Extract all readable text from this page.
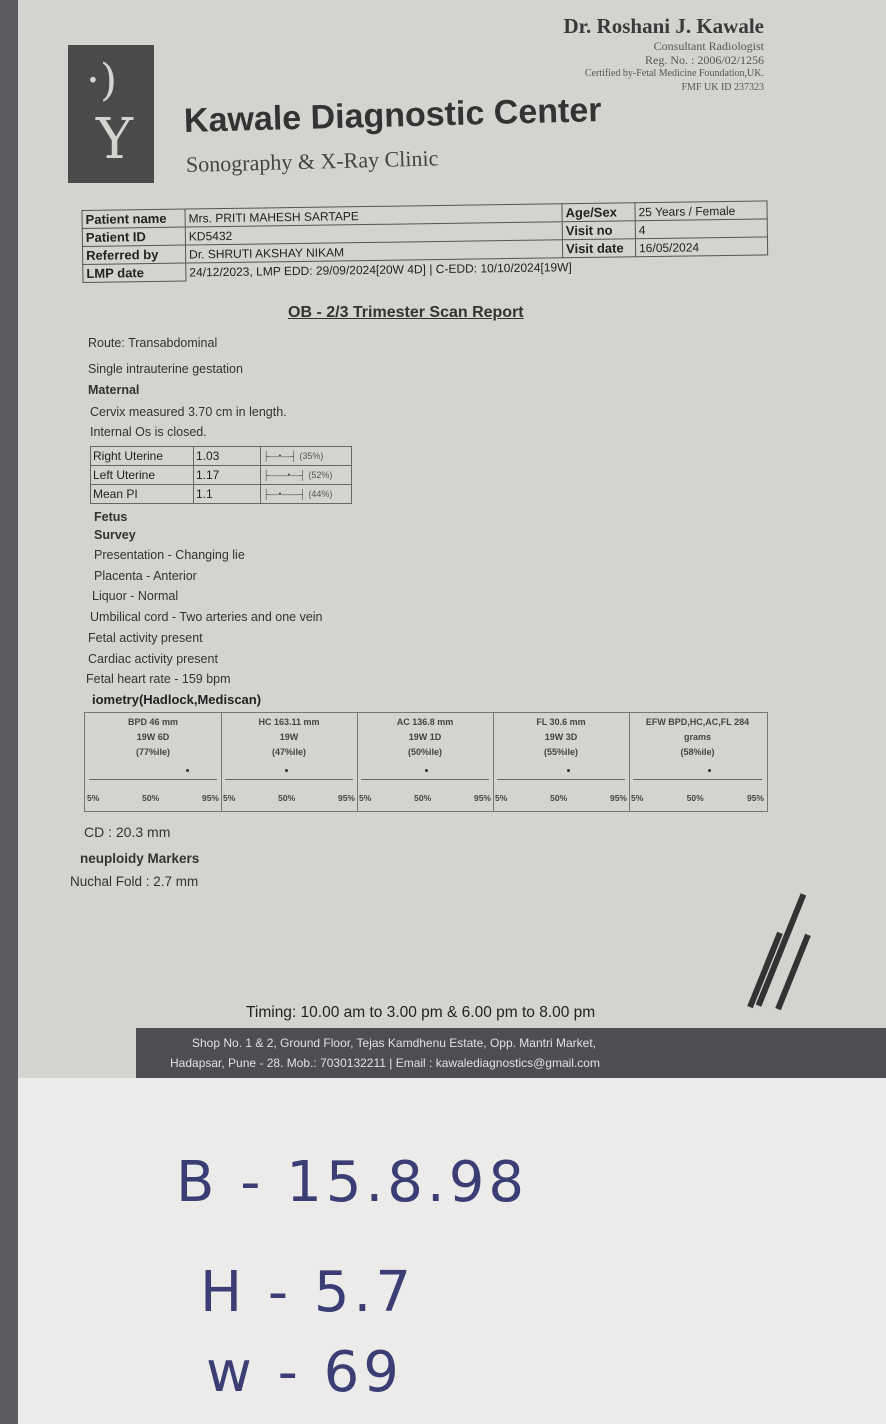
·)
Y
Dr. Roshani J. Kawale
Consultant Radiologist
Reg. No. : 2006/02/1256
Certified by-Fetal Medicine Foundation,UK.
FMF UK ID 237323
Kawale Diagnostic Center
Sonography & X-Ray Clinic
Patient name	Mrs. PRITI MAHESH SARTAPE	Age/Sex	25 Years / Female
Patient ID	KD5432	Visit no	4
Referred by	Dr. SHRUTI AKSHAY NIKAM	Visit date	16/05/2024
LMP date	24/12/2023, LMP EDD: 29/09/2024[20W 4D] | C-EDD: 10/10/2024[19W]		
OB - 2/3 Trimester Scan Report
Route: Transabdominal
Single intrauterine gestation
Maternal
Cervix measured 3.70 cm in length.
Internal Os is closed.
Right Uterine	1.03	├—•—┤ (35%)
Left Uterine	1.17	├——•—┤ (52%)
Mean PI	1.1	├—•——┤ (44%)
Fetus
Survey
Presentation - Changing lie
Placenta - Anterior
Liquor - Normal
Umbilical cord - Two arteries and one vein
Fetal activity present
Cardiac activity present
Fetal heart rate - 159 bpm
iometry(Hadlock,Mediscan)
BPD 46 mm
19W 6D
(77%ile)
5%	50%	95%
HC 163.11 mm
19W
(47%ile)
5%	50%	95%
AC 136.8 mm
19W 1D
(50%ile)
5%	50%	95%
FL 30.6 mm
19W 3D
(55%ile)
5%	50%	95%
EFW BPD,HC,AC,FL 284
grams
(58%ile)
5%	50%	95%
CD : 20.3 mm
neuploidy Markers
Nuchal Fold : 2.7 mm
Timing: 10.00 am to 3.00 pm & 6.00 pm to 8.00 pm
Shop No. 1 & 2, Ground Floor, Tejas Kamdhenu Estate, Opp. Mantri Market,
Hadapsar, Pune - 28. Mob.: 7030132211 | Email : kawalediagnostics@gmail.com
B - 15.8.98
H - 5.7
w - 69
